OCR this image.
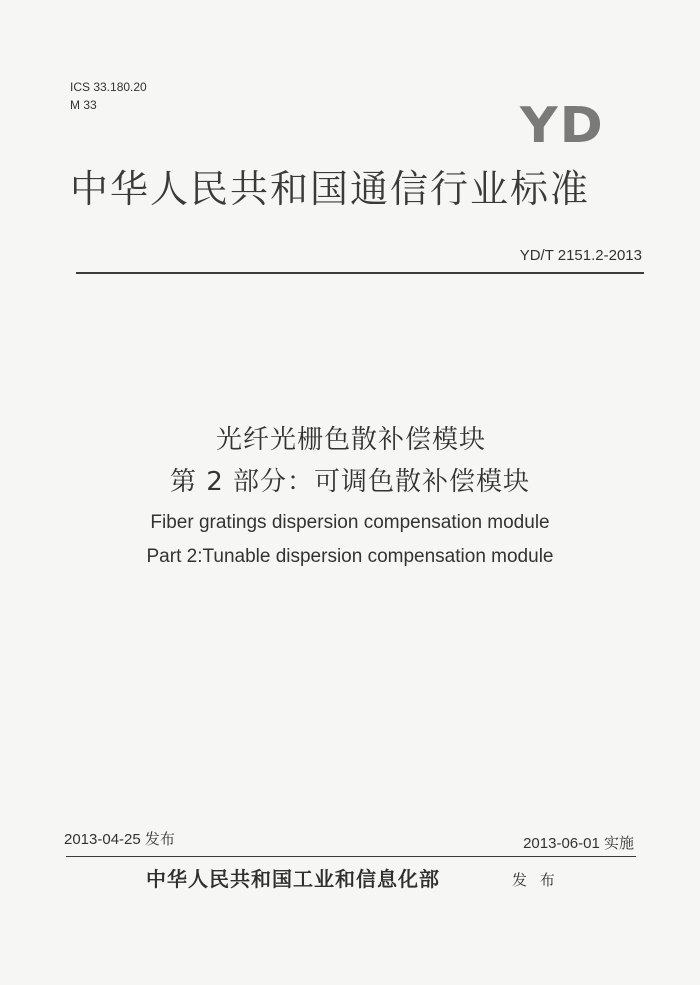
ICS 33.180.20
M 33	YD
中华人民共和国通信行业标准
YD/T 2151.2-2013
光纤光栅色散补偿模块
第 2 部分：可调色散补偿模块
Fiber gratings dispersion compensation module
Part 2:Tunable dispersion compensation module
2013-04-25 发布	2013-06-01 实施
中华人民共和国工业和信息化部	发 布
